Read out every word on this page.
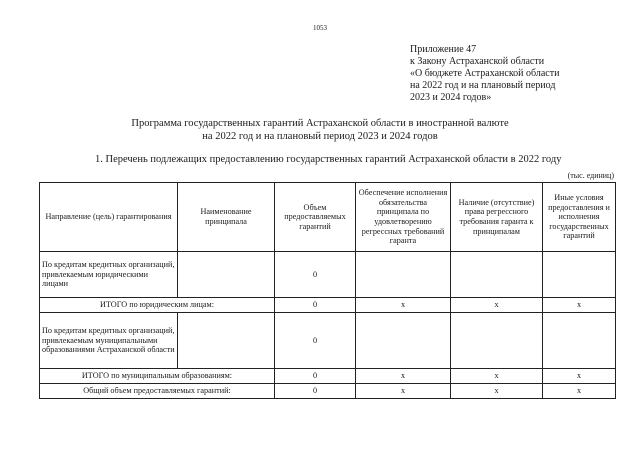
1053
Приложение 47
к Закону Астраханской области
«О бюджете Астраханской области
на 2022 год и на плановый период
2023 и 2024 годов»
Программа государственных гарантий Астраханской области в иностранной валюте
на 2022 год и на плановый период 2023 и 2024 годов
1. Перечень подлежащих предоставлению государственных гарантий Астраханской области в 2022 году
(тыс. единиц)
Направление (цель) гарантирования	Наименование принципала	Объем предоставляемых гарантий	Обеспечение исполнения обязательства принципала по удовлетворению регрессных требований гаранта	Наличие (отсутствие) права регрессного требования гаранта к принципалам	Иные условия предоставления и исполнения государственных гарантий
По кредитам кредитных организаций, привлекаемым юридическими лицами		0			
ИТОГО по юридическим лицам:		0	x	x	x
По кредитам кредитных организаций, привлекаемым муниципальными образованиями Астраханской области		0			
ИТОГО по муниципальным образованиям:		0	x	x	x
Общий объем предоставляемых гарантий:		0	x	x	x
